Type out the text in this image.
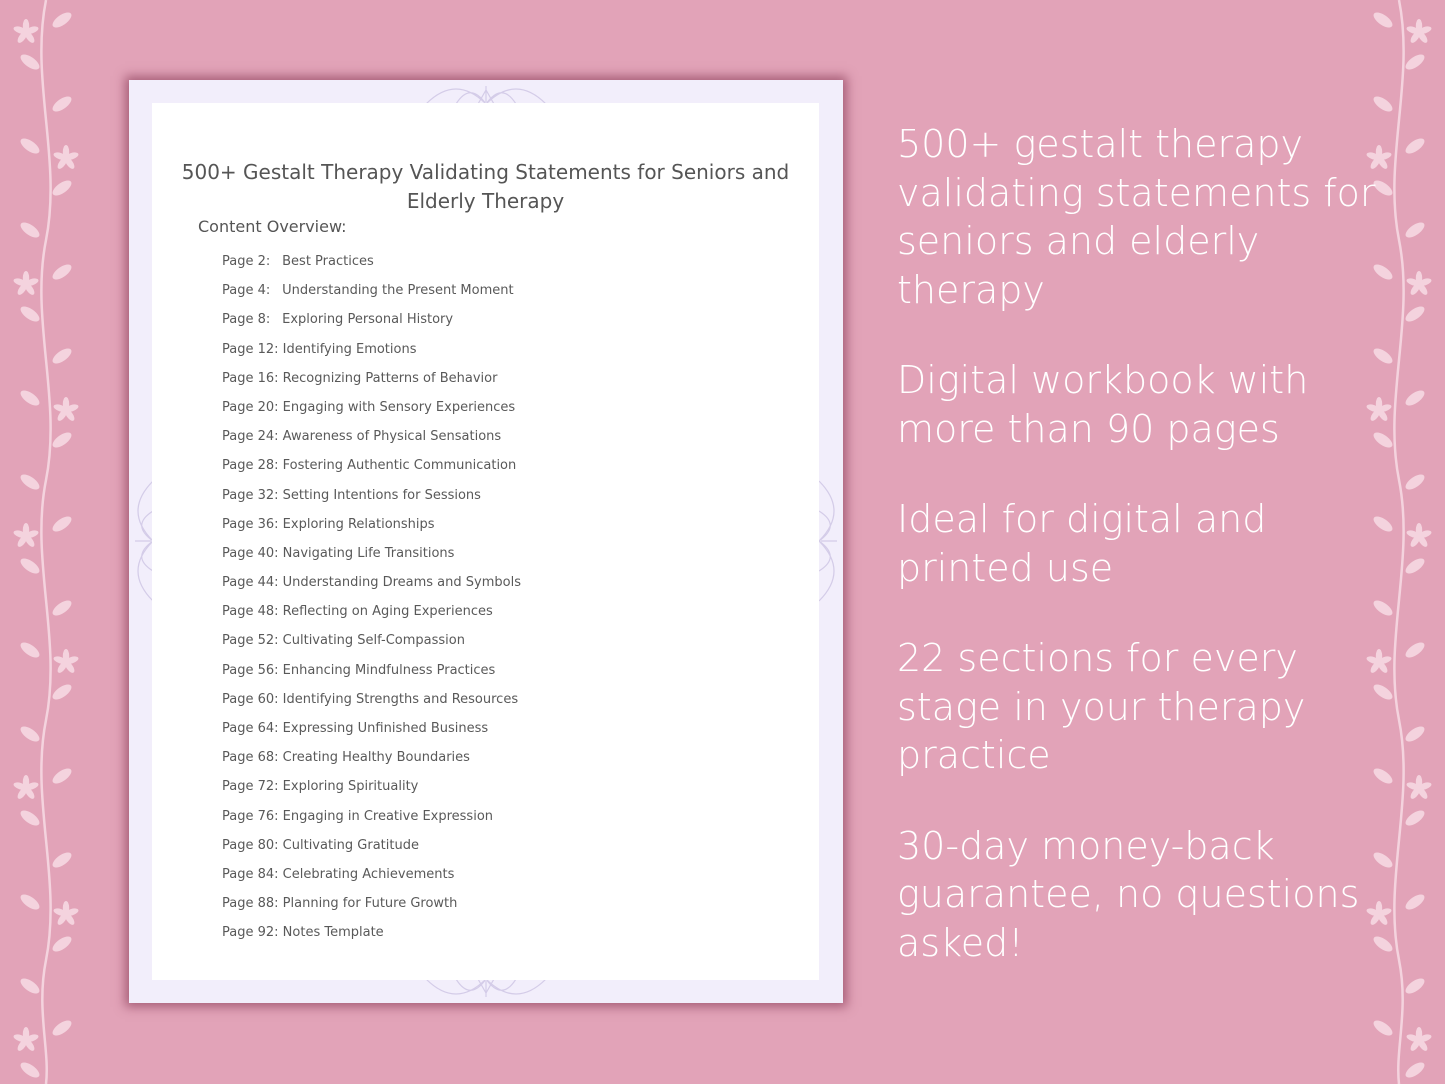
500+ Gestalt Therapy Validating Statements for Seniors and Elderly Therapy

Content Overview:

Page 2: Best Practices
Page 4: Understanding the Present Moment
Page 8: Exploring Personal History
Page 12: Identifying Emotions
Page 16: Recognizing Patterns of Behavior
Page 20: Engaging with Sensory Experiences
Page 24: Awareness of Physical Sensations
Page 28: Fostering Authentic Communication
Page 32: Setting Intentions for Sessions
Page 36: Exploring Relationships
Page 40: Navigating Life Transitions
Page 44: Understanding Dreams and Symbols
Page 48: Reflecting on Aging Experiences
Page 52: Cultivating Self-Compassion
Page 56: Enhancing Mindfulness Practices
Page 60: Identifying Strengths and Resources
Page 64: Expressing Unfinished Business
Page 68: Creating Healthy Boundaries
Page 72: Exploring Spirituality
Page 76: Engaging in Creative Expression
Page 80: Cultivating Gratitude
Page 84: Celebrating Achievements
Page 88: Planning for Future Growth
Page 92: Notes Template
500+ gestalt therapy validating statements for seniors and elderly therapy
Digital workbook with more than 90 pages
Ideal for digital and printed use
22 sections for every stage in your therapy practice
30-day money-back guarantee, no questions asked!
